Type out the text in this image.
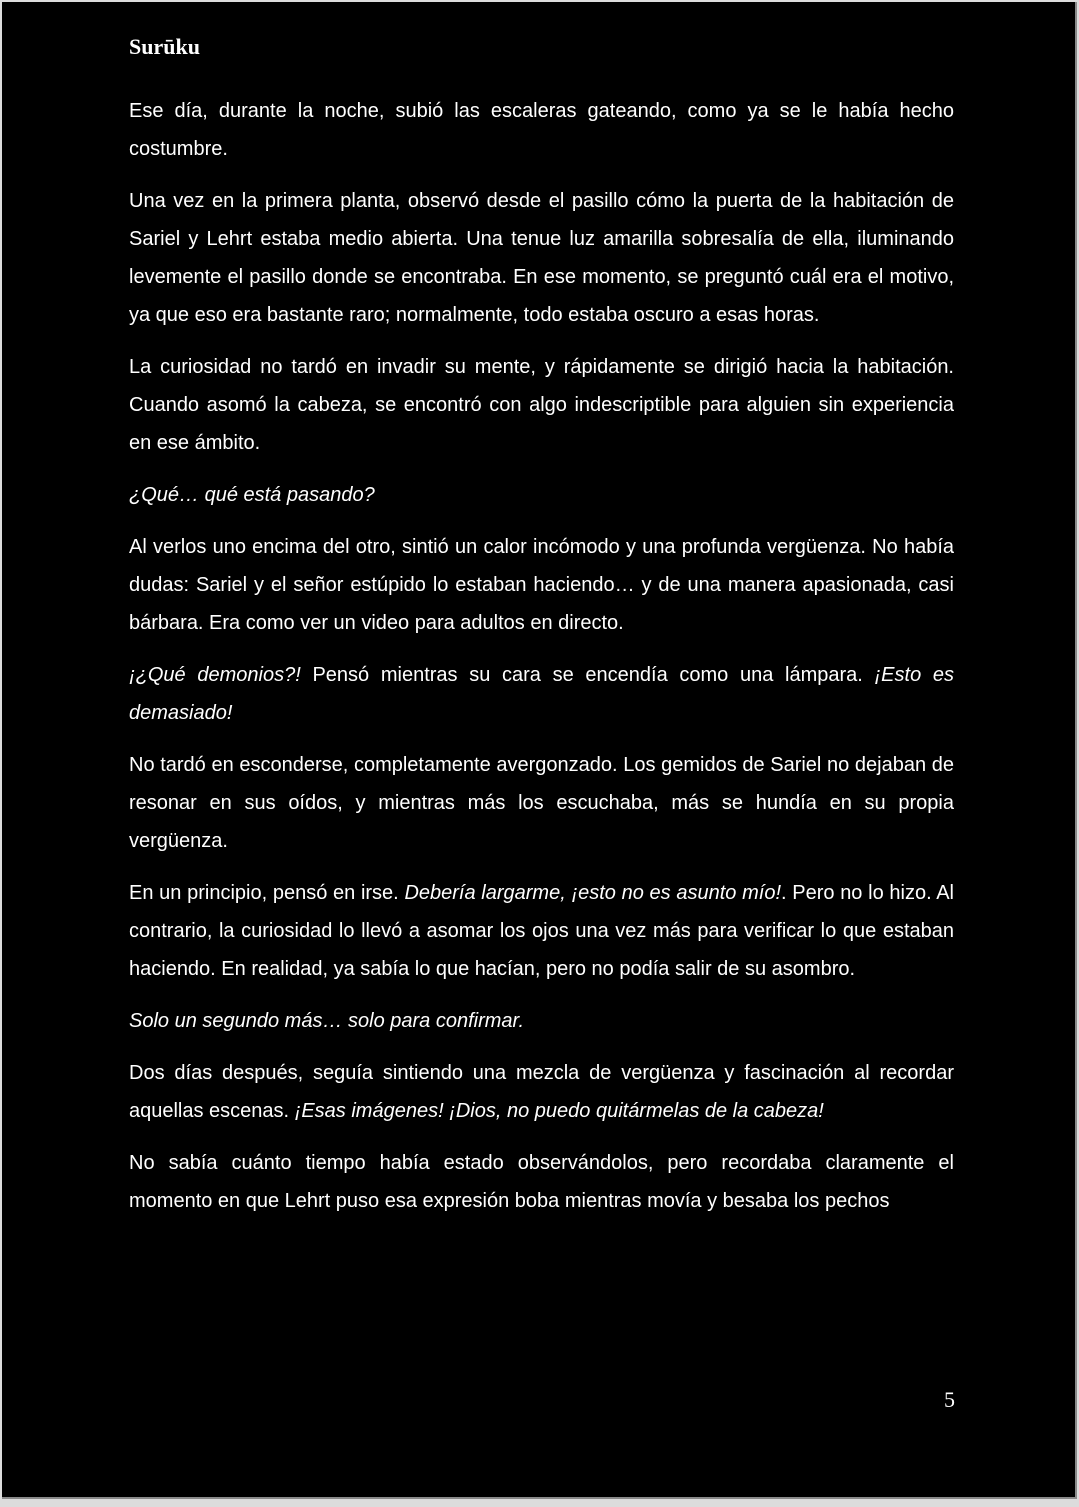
Surūku

Ese día, durante la noche, subió las escaleras gateando, como ya se le había hecho costumbre.

Una vez en la primera planta, observó desde el pasillo cómo la puerta de la habitación de Sariel y Lehrt estaba medio abierta. Una tenue luz amarilla sobresalía de ella, iluminando levemente el pasillo donde se encontraba. En ese momento, se preguntó cuál era el motivo, ya que eso era bastante raro; normalmente, todo estaba oscuro a esas horas.

La curiosidad no tardó en invadir su mente, y rápidamente se dirigió hacia la habitación. Cuando asomó la cabeza, se encontró con algo indescriptible para alguien sin experiencia en ese ámbito.

¿Qué… qué está pasando?

Al verlos uno encima del otro, sintió un calor incómodo y una profunda vergüenza. No había dudas: Sariel y el señor estúpido lo estaban haciendo… y de una manera apasionada, casi bárbara. Era como ver un video para adultos en directo.

¡¿Qué demonios?! Pensó mientras su cara se encendía como una lámpara. ¡Esto es demasiado!

No tardó en esconderse, completamente avergonzado. Los gemidos de Sariel no dejaban de resonar en sus oídos, y mientras más los escuchaba, más se hundía en su propia vergüenza.

En un principio, pensó en irse. Debería largarme, ¡esto no es asunto mío!. Pero no lo hizo. Al contrario, la curiosidad lo llevó a asomar los ojos una vez más para verificar lo que estaban haciendo. En realidad, ya sabía lo que hacían, pero no podía salir de su asombro.

Solo un segundo más… solo para confirmar.

Dos días después, seguía sintiendo una mezcla de vergüenza y fascinación al recordar aquellas escenas. ¡Esas imágenes! ¡Dios, no puedo quitármelas de la cabeza!

No sabía cuánto tiempo había estado observándolos, pero recordaba claramente el momento en que Lehrt puso esa expresión boba mientras movía y besaba los pechos

5
